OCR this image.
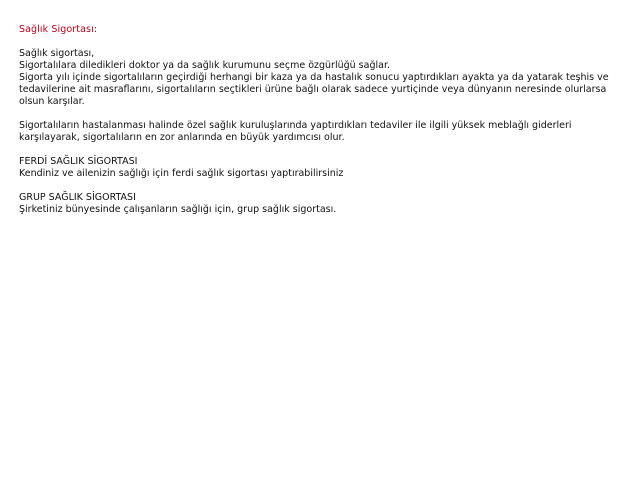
Sağlık Sigortası:

Sağlık sigortası,

Sigortalılara diledikleri doktor ya da sağlık kurumunu seçme özgürlüğü sağlar.

Sigorta yılı içinde sigortalıların geçirdiği herhangi bir kaza ya da hastalık sonucu yaptırdıkları ayakta ya da yatarak teşhis ve tedavilerine ait masraflarını, sigortalıların seçtikleri ürüne bağlı olarak sadece yurtiçinde veya dünyanın neresinde olurlarsa olsun karşılar.

Sigortalıların hastalanması halinde özel sağlık kuruluşlarında yaptırdıkları tedaviler ile ilgili yüksek meblağlı giderleri karşılayarak, sigortalıların en zor anlarında en büyük yardımcısı olur.

FERDİ SAĞLIK SİGORTASI

Kendiniz ve ailenizin sağlığı için ferdi sağlık sigortası yaptırabilirsiniz

GRUP SAĞLIK SİGORTASI

Şirketiniz bünyesinde çalışanların sağlığı için, grup sağlık sigortası.
